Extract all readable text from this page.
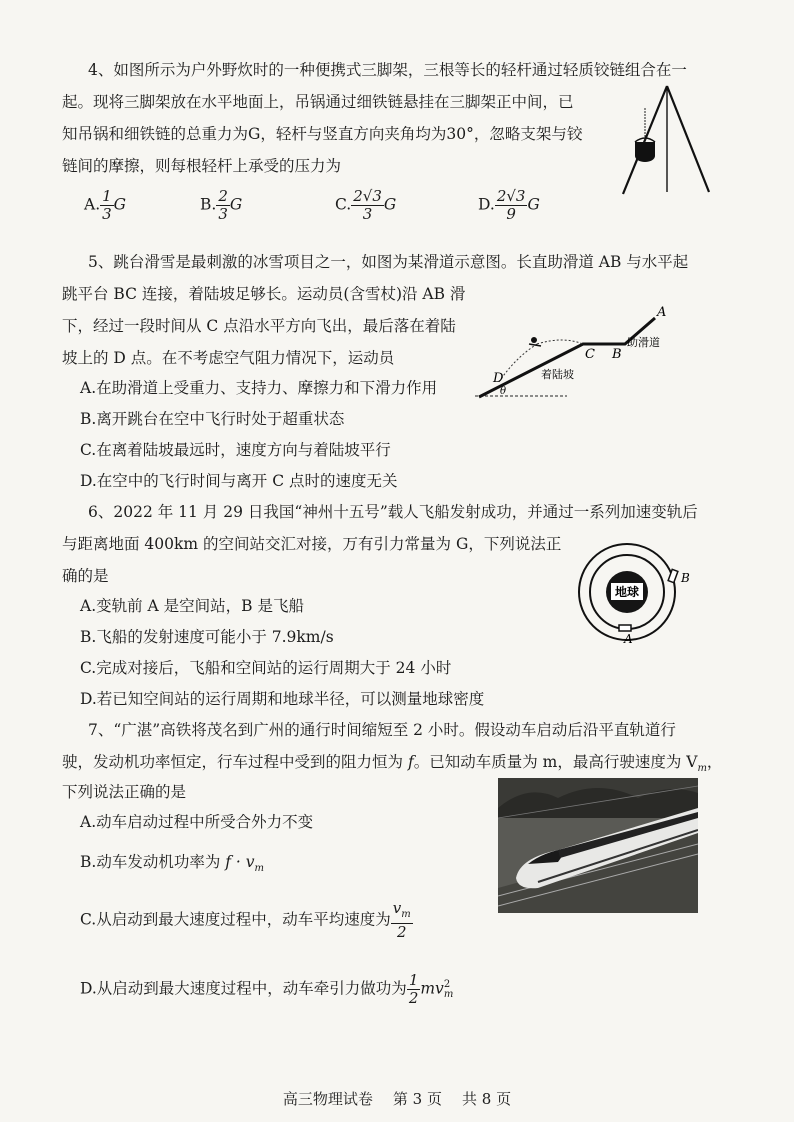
4、如图所示为户外野炊时的一种便携式三脚架，三根等长的轻杆通过轻质铰链组合在一
起。现将三脚架放在水平地面上，吊锅通过细铁链悬挂在三脚架正中间，已
知吊锅和细铁链的总重力为G，轻杆与竖直方向夹角均为30°，忽略支架与铰
链间的摩擦，则每根轻杆上承受的压力为
A. $\frac{1}{3}$ G	B. $\frac{2}{3}$ G	C. $\frac{2√3}{3}$ G	D. $\frac{2√3}{9}$ G
5、跳台滑雪是最刺激的冰雪项目之一，如图为某滑道示意图。长直助滑道 AB 与水平起
跳平台 BC 连接，着陆坡足够长。运动员(含雪杖)沿 AB 滑
下，经过一段时间从 C 点沿水平方向飞出，最后落在着陆
坡上的 D 点。在不考虑空气阻力情况下，运动员
A.在助滑道上受重力、支持力、摩擦力和下滑力作用
B.离开跳台在空中飞行时处于超重状态
C.在离着陆坡最远时，速度方向与着陆坡平行
D.在空中的飞行时间与离开 C 点时的速度无关
A
B
C
D
θ
助滑道
着陆坡
6、2022 年 11 月 29 日我国“神州十五号”载人飞船发射成功，并通过一系列加速变轨后
与距离地面 400km 的空间站交汇对接，万有引力常量为 G，下列说法正
确的是
A.变轨前 A 是空间站，B 是飞船
B.飞船的发射速度可能小于 7.9km/s
C.完成对接后，飞船和空间站的运行周期大于 24 小时
D.若已知空间站的运行周期和地球半径，可以测量地球密度
地球
B
A
7、“广湛”高铁将茂名到广州的通行时间缩短至 2 小时。假设动车启动后沿平直轨道行
驶，发动机功率恒定，行车过程中受到的阻力恒为 f。已知动车质量为 m，最高行驶速度为 $V_m$，
下列说法正确的是
A.动车启动过程中所受合外力不变
B.动车发动机功率为 $f \cdot v_m$
C.从启动到最大速度过程中，动车平均速度为 $\frac{v_m}{2}$
D.从启动到最大速度过程中，动车牵引力做功为 $\frac{1}{2}$ mv 2
m
高三物理试卷 第 3 页 共 8 页
